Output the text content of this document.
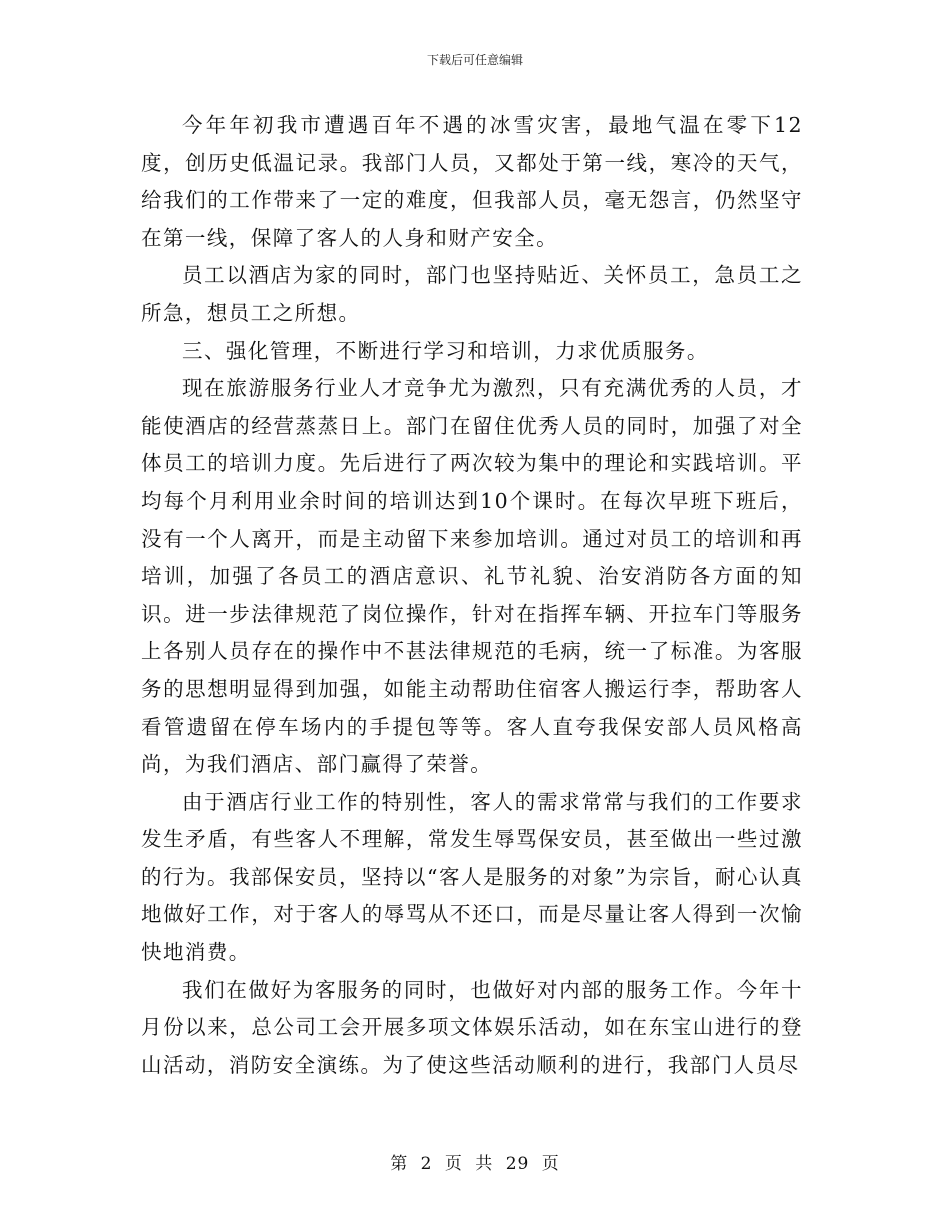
下载后可任意编辑

今年年初我市遭遇百年不遇的冰雪灾害，最地气温在零下12度，创历史低温记录。我部门人员，又都处于第一线，寒冷的天气，给我们的工作带来了一定的难度，但我部人员，毫无怨言，仍然坚守在第一线，保障了客人的人身和财产安全。

员工以酒店为家的同时，部门也坚持贴近、关怀员工，急员工之所急，想员工之所想。

三、强化管理，不断进行学习和培训，力求优质服务。

现在旅游服务行业人才竞争尤为激烈，只有充满优秀的人员，才能使酒店的经营蒸蒸日上。部门在留住优秀人员的同时，加强了对全体员工的培训力度。先后进行了两次较为集中的理论和实践培训。平均每个月利用业余时间的培训达到10个课时。在每次早班下班后，没有一个人离开，而是主动留下来参加培训。通过对员工的培训和再培训，加强了各员工的酒店意识、礼节礼貌、治安消防各方面的知识。进一步法律规范了岗位操作，针对在指挥车辆、开拉车门等服务上各别人员存在的操作中不甚法律规范的毛病，统一了标准。为客服务的思想明显得到加强，如能主动帮助住宿客人搬运行李，帮助客人看管遗留在停车场内的手提包等等。客人直夸我保安部人员风格高尚，为我们酒店、部门赢得了荣誉。

由于酒店行业工作的特别性，客人的需求常常与我们的工作要求发生矛盾，有些客人不理解，常发生辱骂保安员，甚至做出一些过激的行为。我部保安员，坚持以“客人是服务的对象”为宗旨，耐心认真地做好工作，对于客人的辱骂从不还口，而是尽量让客人得到一次愉快地消费。

我们在做好为客服务的同时，也做好对内部的服务工作。今年十月份以来，总公司工会开展多项文体娱乐活动，如在东宝山进行的登山活动，消防安全演练。为了使这些活动顺利的进行，我部门人员尽

第 2 页 共 29 页
